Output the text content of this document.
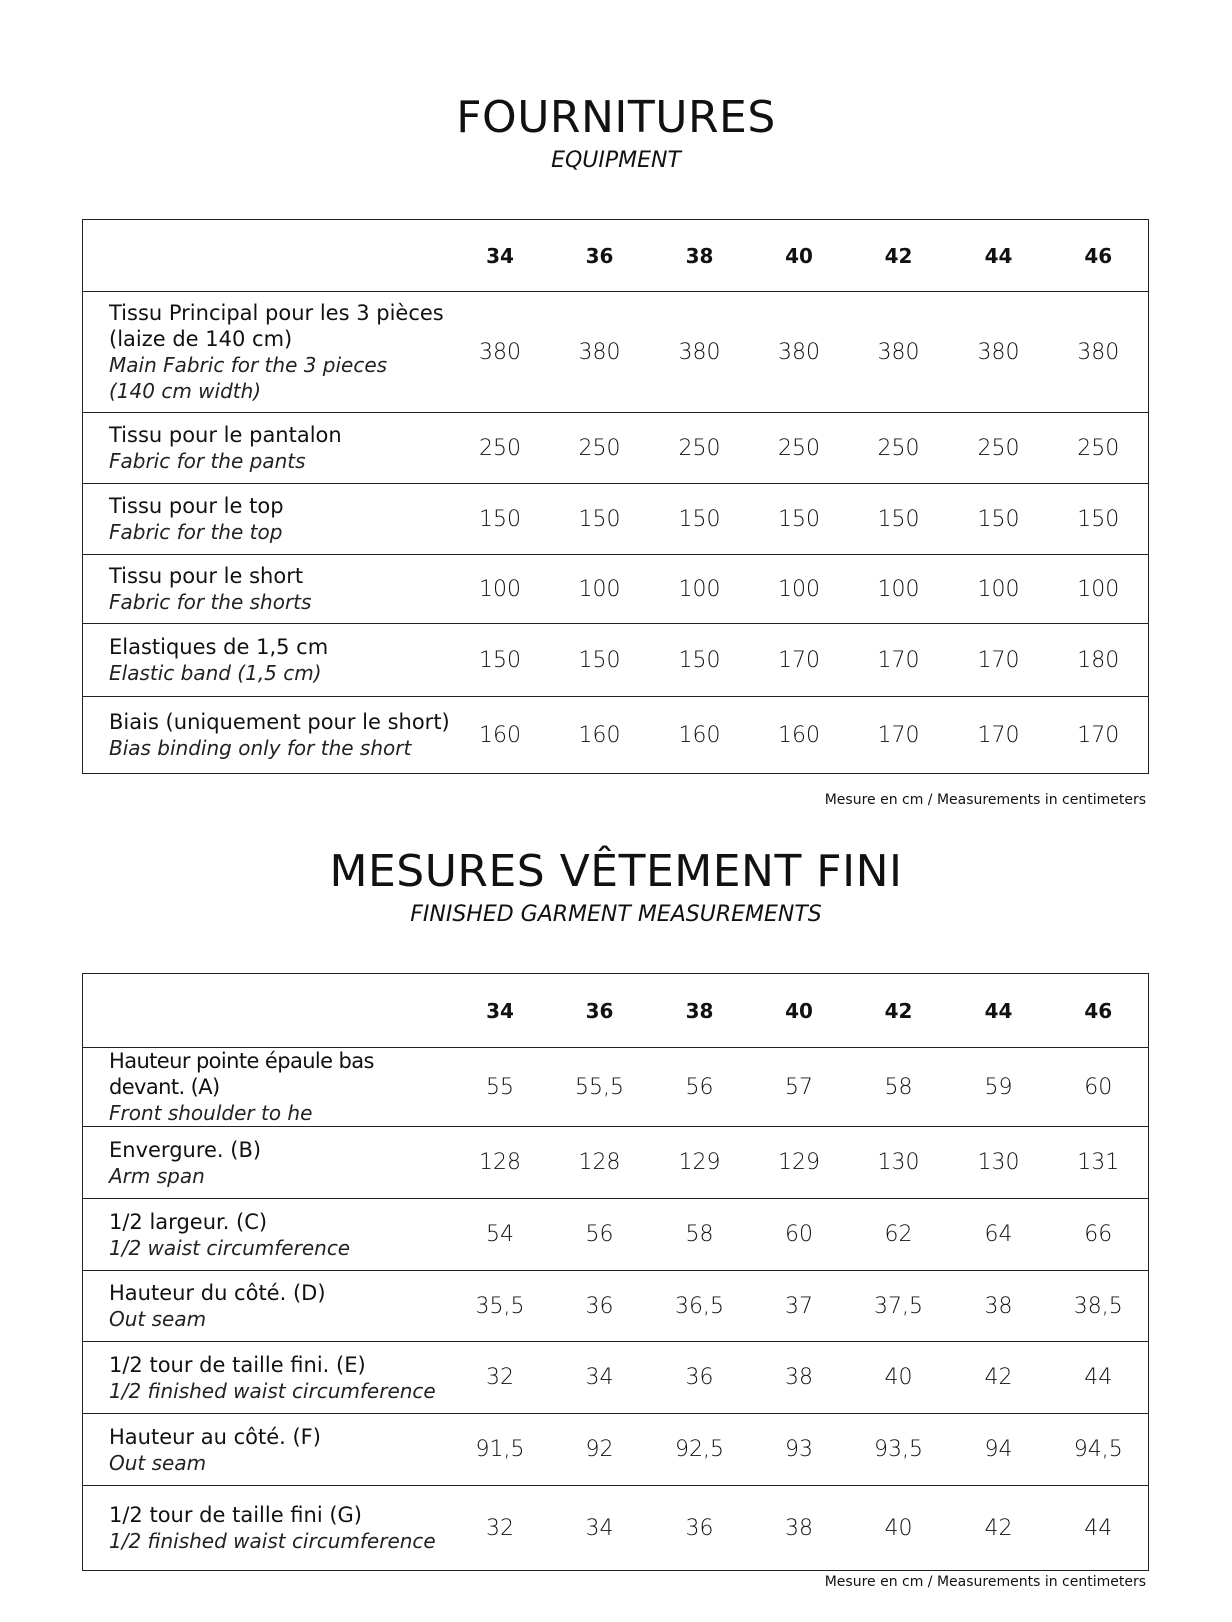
FOURNITURES

EQUIPMENT

	34	36	38	40	42	44	46

Tissu Principal pour les 3 pièces
(laize de 140 cm)
Main Fabric for the 3 pieces
(140 cm width)	380	380	380	380	380	380	380

Tissu pour le pantalon
Fabric for the pants	250	250	250	250	250	250	250

Tissu pour le top
Fabric for the top	150	150	150	150	150	150	150

Tissu pour le short
Fabric for the shorts	100	100	100	100	100	100	100

Elastiques de 1,5 cm
Elastic band (1,5 cm)	150	150	150	170	170	170	180

Biais (uniquement pour le short)
Bias binding only for the short	160	160	160	160	170	170	170
Mesure en cm / Measurements in centimeters
MESURES VÊTEMENT FINI

FINISHED GARMENT MEASUREMENTS

	34	36	38	40	42	44	46

Hauteur pointe épaule bas devant. (A)
Front shoulder to he	55	55,5	56	57	58	59	60

Envergure. (B)
Arm span	128	128	129	129	130	130	131

1/2 largeur. (C)
1/2 waist circumference	54	56	58	60	62	64	66

Hauteur du côté. (D)
Out seam	35,5	36	36,5	37	37,5	38	38,5

1/2 tour de taille fini. (E)
1/2 finished waist circumference	32	34	36	38	40	42	44

Hauteur au côté. (F)
Out seam	91,5	92	92,5	93	93,5	94	94,5

1/2 tour de taille fini (G)
1/2 finished waist circumference	32	34	36	38	40	42	44
Mesure en cm / Measurements in centimeters
